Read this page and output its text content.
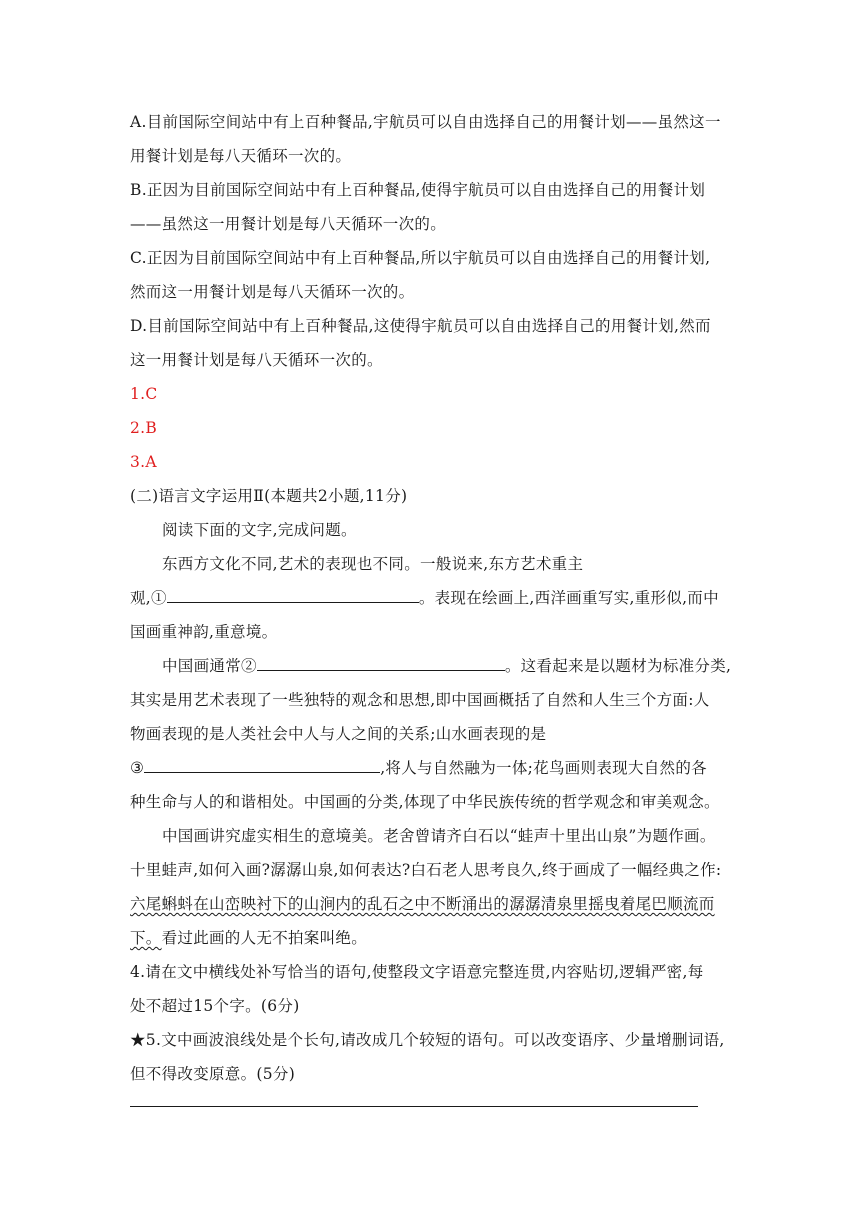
A.目前国际空间站中有上百种餐品,宇航员可以自由选择自己的用餐计划——虽然这一
用餐计划是每八天循环一次的。
B.正因为目前国际空间站中有上百种餐品,使得宇航员可以自由选择自己的用餐计划
——虽然这一用餐计划是每八天循环一次的。
C.正因为目前国际空间站中有上百种餐品,所以宇航员可以自由选择自己的用餐计划,
然而这一用餐计划是每八天循环一次的。
D.目前国际空间站中有上百种餐品,这使得宇航员可以自由选择自己的用餐计划,然而
这一用餐计划是每八天循环一次的。
1.C
2.B
3.A
(二)语言文字运用Ⅱ(本题共2小题,11分)
阅读下面的文字,完成问题。
东西方文化不同,艺术的表现也不同。一般说来,东方艺术重主
观,①	。表现在绘画上,西洋画重写实,重形似,而中
国画重神韵,重意境。
中国画通常②	。这看起来是以题材为标准分类,
其实是用艺术表现了一些独特的观念和思想,即中国画概括了自然和人生三个方面:人
物画表现的是人类社会中人与人之间的关系;山水画表现的是
③	,将人与自然融为一体;花鸟画则表现大自然的各
种生命与人的和谐相处。中国画的分类,体现了中华民族传统的哲学观念和审美观念。
中国画讲究虚实相生的意境美。老舍曾请齐白石以“蛙声十里出山泉”为题作画。
十里蛙声,如何入画?潺潺山泉,如何表达?白石老人思考良久,终于画成了一幅经典之作:
六尾蝌蚪在山峦映衬下的山涧内的乱石之中不断涌出的潺潺清泉里摇曳着尾巴顺流而
下。看过此画的人无不拍案叫绝。
4.请在文中横线处补写恰当的语句,使整段文字语意完整连贯,内容贴切,逻辑严密,每
处不超过15个字。(6分)
★5.文中画波浪线处是个长句,请改成几个较短的语句。可以改变语序、少量增删词语,
但不得改变原意。(5分)
